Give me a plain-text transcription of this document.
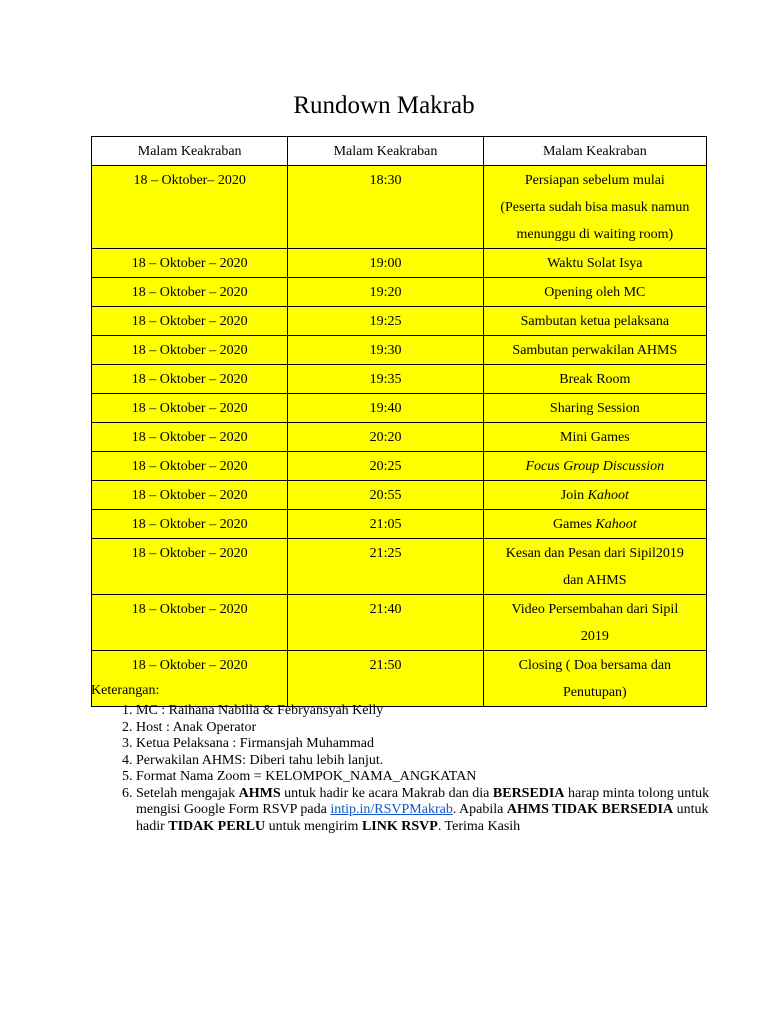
Rundown Makrab
Malam Keakraban	Malam Keakraban	Malam Keakraban
18 – Oktober– 2020	18:30	Persiapan sebelum mulai
(Peserta sudah bisa masuk namun
menunggu di waiting room)

18 – Oktober – 2020	19:00	Waktu Solat Isya

18 – Oktober – 2020	19:20	Opening oleh MC

18 – Oktober – 2020	19:25	Sambutan ketua pelaksana

18 – Oktober – 2020	19:30	Sambutan perwakilan AHMS

18 – Oktober – 2020	19:35	Break Room

18 – Oktober – 2020	19:40	Sharing Session

18 – Oktober – 2020	20:20	Mini Games

18 – Oktober – 2020	20:25	Focus Group Discussion

18 – Oktober – 2020	20:55	Join Kahoot

18 – Oktober – 2020	21:05	Games Kahoot

18 – Oktober – 2020	21:25	Kesan dan Pesan dari Sipil2019
dan AHMS

18 – Oktober – 2020	21:40	Video Persembahan dari Sipil
2019

18 – Oktober – 2020	21:50	Closing ( Doa bersama dan
Penutupan)
Keterangan:
1. MC : Raihana Nabilla & Febryansyah Kelly
2. Host : Anak Operator
3. Ketua Pelaksana : Firmansjah Muhammad
4. Perwakilan AHMS: Diberi tahu lebih lanjut.
5. Format Nama Zoom = KELOMPOK_NAMA_ANGKATAN
6. Setelah mengajak AHMS untuk hadir ke acara Makrab dan dia BERSEDIA harap minta tolong untuk mengisi Google Form RSVP pada intip.in/RSVPMakrab. Apabila AHMS TIDAK BERSEDIA untuk hadir TIDAK PERLU untuk mengirim LINK RSVP. Terima Kasih
